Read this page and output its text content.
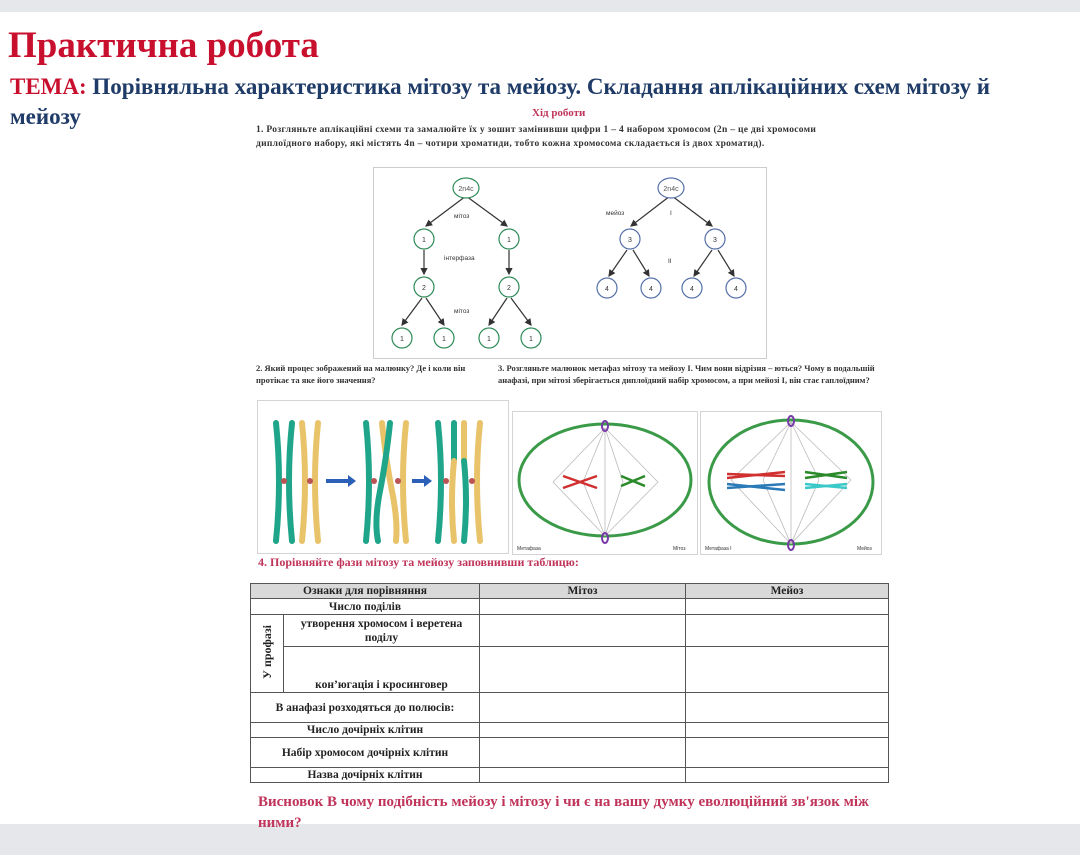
Практична робота
ТЕМА: Порівняльна характеристика мітозу та мейозу. Складання аплікаційних схем мітозу й мейозу	Хід роботи
1. Розгляньте аплікаційні схеми та замалюйте їх у зошит замінивши цифри 1 – 4 набором хромосом (2n – це дві хромосоми диплоїдного набору, які містять 4n – чотири хроматиди, тобто кожна хромосома складається із двох хроматид).
2n4c
1	1
2	2
1	1	1	1
2n4c
3	3
4	4	4	4
мітоз
інтерфаза
мітоз
мейоз	І
ІІ
2. Який процес зображений на малюнку? Де і коли він протікає та яке його значення?
3. Розгляньте малюнок метафаз мітозу та мейозу І. Чим вони відрізня – ються? Чому в подальшій анафазі, при мітозі зберігається диплоїдний набір хромосом, а при мейозі І, він стає гаплоїдним?
Метафаза	Мітоз	Метафаза І	Мейоз
4. Порівняйте фази мітозу та мейозу заповнивши таблицю:
Ознаки для порівняння		Мітоз	Мейоз
Число поділів			
У профазі	утворення хромосом і веретена поділу		
	кон’югація і кросинговер		
В анафазі розходяться до полюсів:			
Число дочірніх клітин			
Набір хромосом дочірніх клітин			
Назва дочірніх клітин			
Висновок В чому подібність мейозу і мітозу і чи є на вашу думку еволюційний зв'язок між ними?
